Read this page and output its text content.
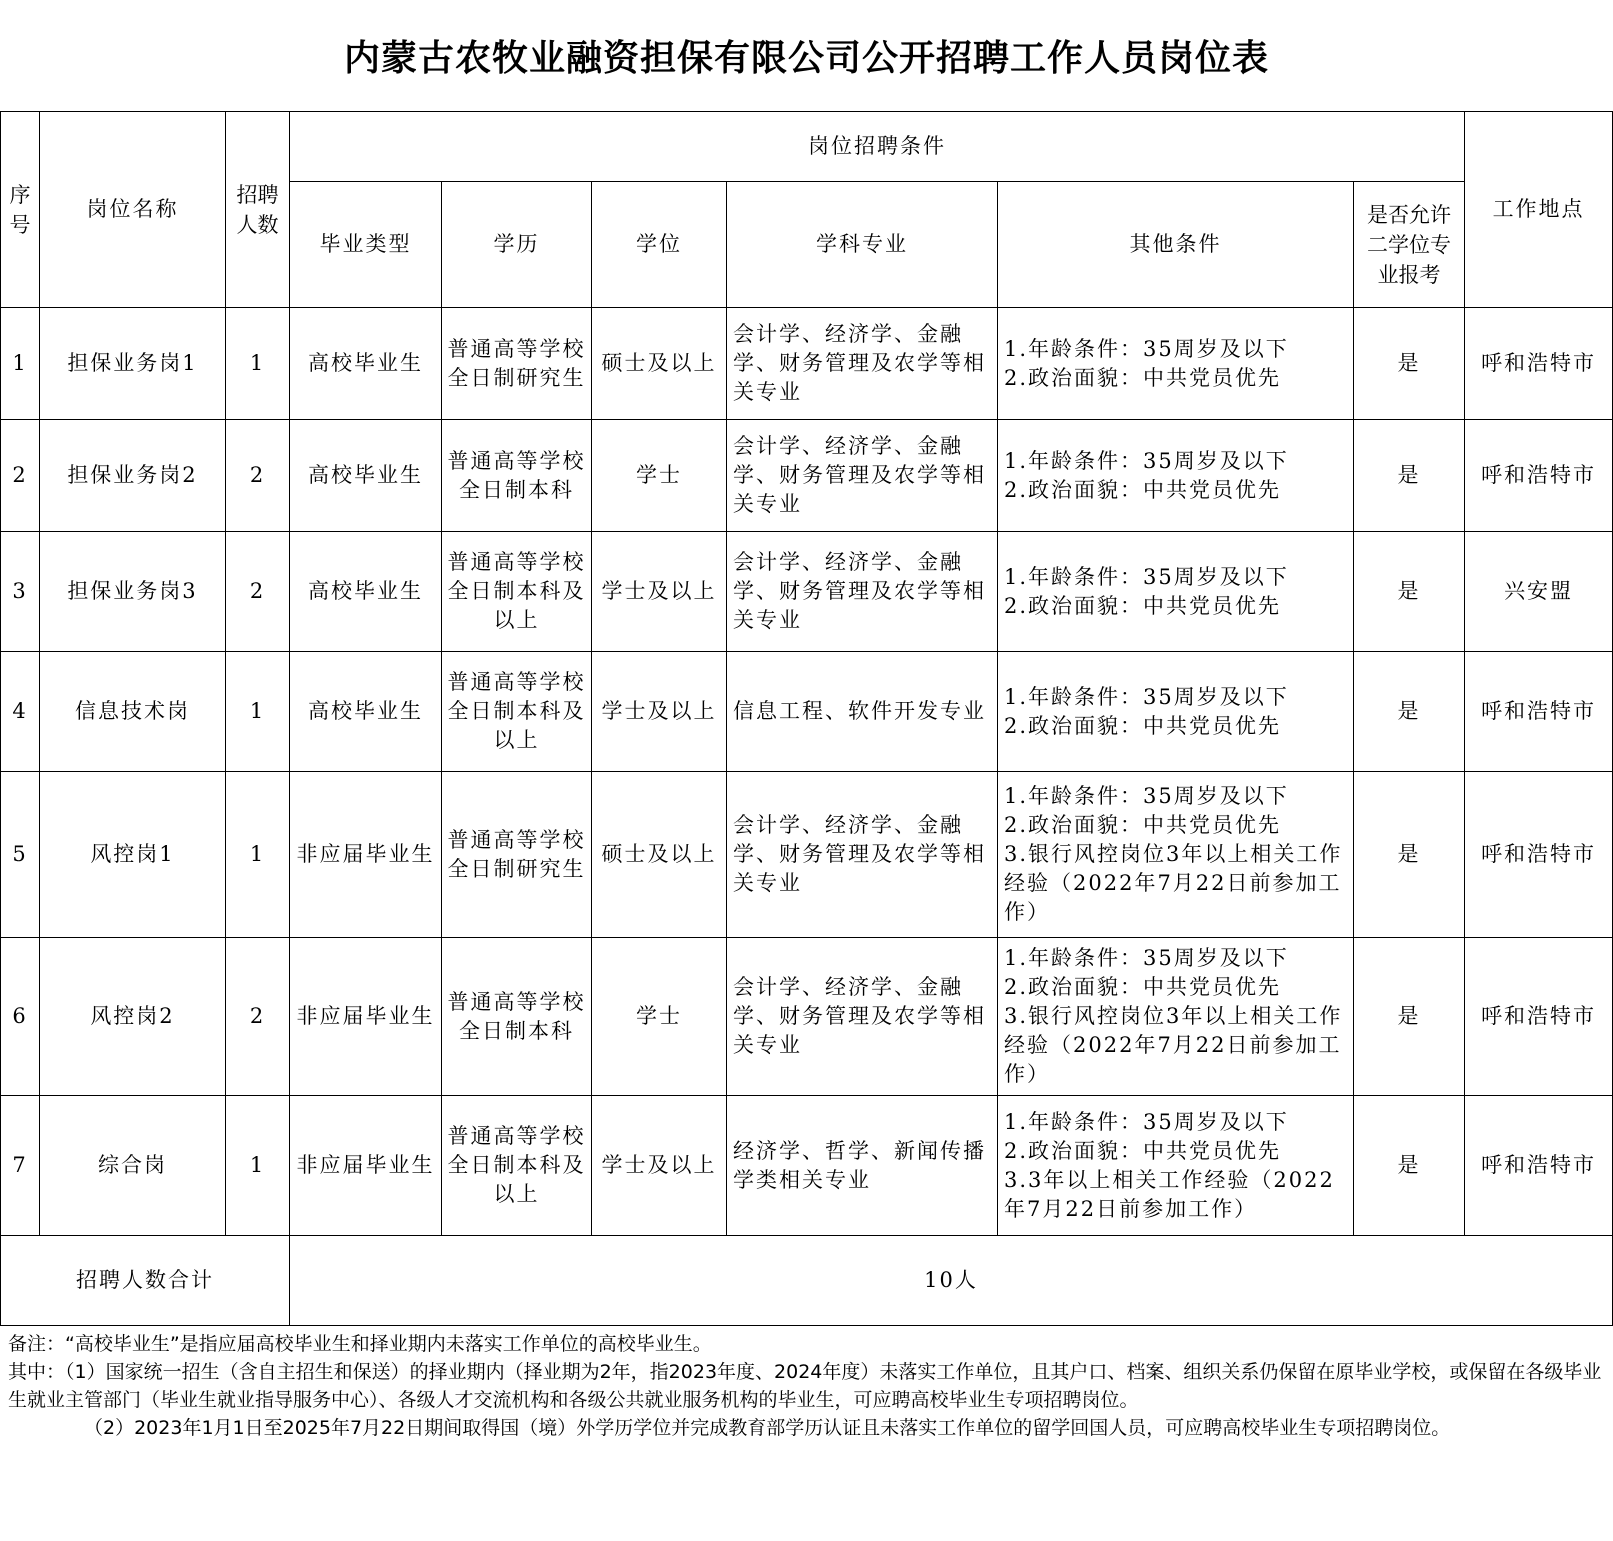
内蒙古农牧业融资担保有限公司公开招聘工作人员岗位表
序号	岗位名称	招聘人数	岗位招聘条件						工作地点
			毕业类型	学历	学位	学科专业	其他条件	是否允许二学位专业报考	
1	担保业务岗1	1	高校毕业生	普通高等学校全日制研究生	硕士及以上	会计学、经济学、金融学、财务管理及农学等相关专业	1.年龄条件：35周岁及以下
2.政治面貌：中共党员优先	是	呼和浩特市
2	担保业务岗2	2	高校毕业生	普通高等学校全日制本科	学士	会计学、经济学、金融学、财务管理及农学等相关专业	1.年龄条件：35周岁及以下
2.政治面貌：中共党员优先	是	呼和浩特市
3	担保业务岗3	2	高校毕业生	普通高等学校全日制本科及以上	学士及以上	会计学、经济学、金融学、财务管理及农学等相关专业	1.年龄条件：35周岁及以下
2.政治面貌：中共党员优先	是	兴安盟
4	信息技术岗	1	高校毕业生	普通高等学校全日制本科及以上	学士及以上	信息工程、软件开发专业	1.年龄条件：35周岁及以下
2.政治面貌：中共党员优先	是	呼和浩特市
5	风控岗1	1	非应届毕业生	普通高等学校全日制研究生	硕士及以上	会计学、经济学、金融学、财务管理及农学等相关专业	1.年龄条件：35周岁及以下
2.政治面貌：中共党员优先
3.银行风控岗位3年以上相关工作经验（2022年7月22日前参加工作）	是	呼和浩特市
6	风控岗2	2	非应届毕业生	普通高等学校全日制本科	学士	会计学、经济学、金融学、财务管理及农学等相关专业	1.年龄条件：35周岁及以下
2.政治面貌：中共党员优先
3.银行风控岗位3年以上相关工作经验（2022年7月22日前参加工作）	是	呼和浩特市
7	综合岗	1	非应届毕业生	普通高等学校全日制本科及以上	学士及以上	经济学、哲学、新闻传播学类相关专业	1.年龄条件：35周岁及以下
2.政治面貌：中共党员优先
3.3年以上相关工作经验（2022年7月22日前参加工作）	是	呼和浩特市
招聘人数合计			10人						

备注：“高校毕业生”是指应届高校毕业生和择业期内未落实工作单位的高校毕业生。

其中：（1）国家统一招生（含自主招生和保送）的择业期内（择业期为2年，指2023年度、2024年度）未落实工作单位，且其户口、档案、组织关系仍保留在原毕业学校，或保留在各级毕业生就业主管部门（毕业生就业指导服务中心）、各级人才交流机构和各级公共就业服务机构的毕业生，可应聘高校毕业生专项招聘岗位。

（2）2023年1月1日至2025年7月22日期间取得国（境）外学历学位并完成教育部学历认证且未落实工作单位的留学回国人员，可应聘高校毕业生专项招聘岗位。
